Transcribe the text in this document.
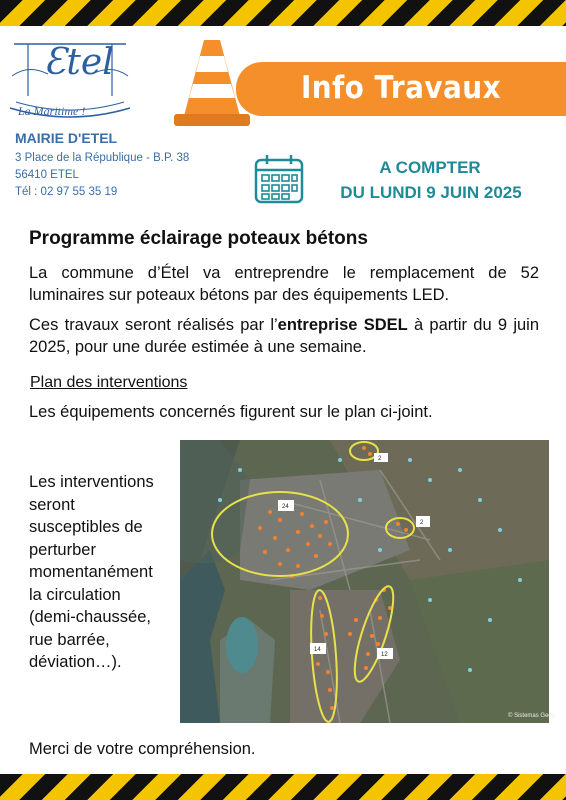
Ɛtel
La Maritime !
MAIRIE D'ETEL
3 Place de la République - B.P. 38
56410 ETEL
Tél : 02 97 55 35 19
Info Travaux
A COMPTER
DU LUNDI 9 JUIN 2025
Programme éclairage poteaux bétons
La commune d’Étel va entreprendre le remplacement de 52 luminaires sur poteaux bétons par des équipements LED.
Ces travaux seront réalisés par l’entreprise SDEL à partir du 9 juin 2025, pour une durée estimée à une semaine.
Plan des interventions
Les équipements concernés figurent sur le plan ci-joint.
Les interventions
seront
susceptibles de
perturber
momentanément
la circulation
(demi-chaussée,
rue barrée,
déviation…).
2
24
2
14
12
© Sistemas Geog
Merci de votre compréhension.
